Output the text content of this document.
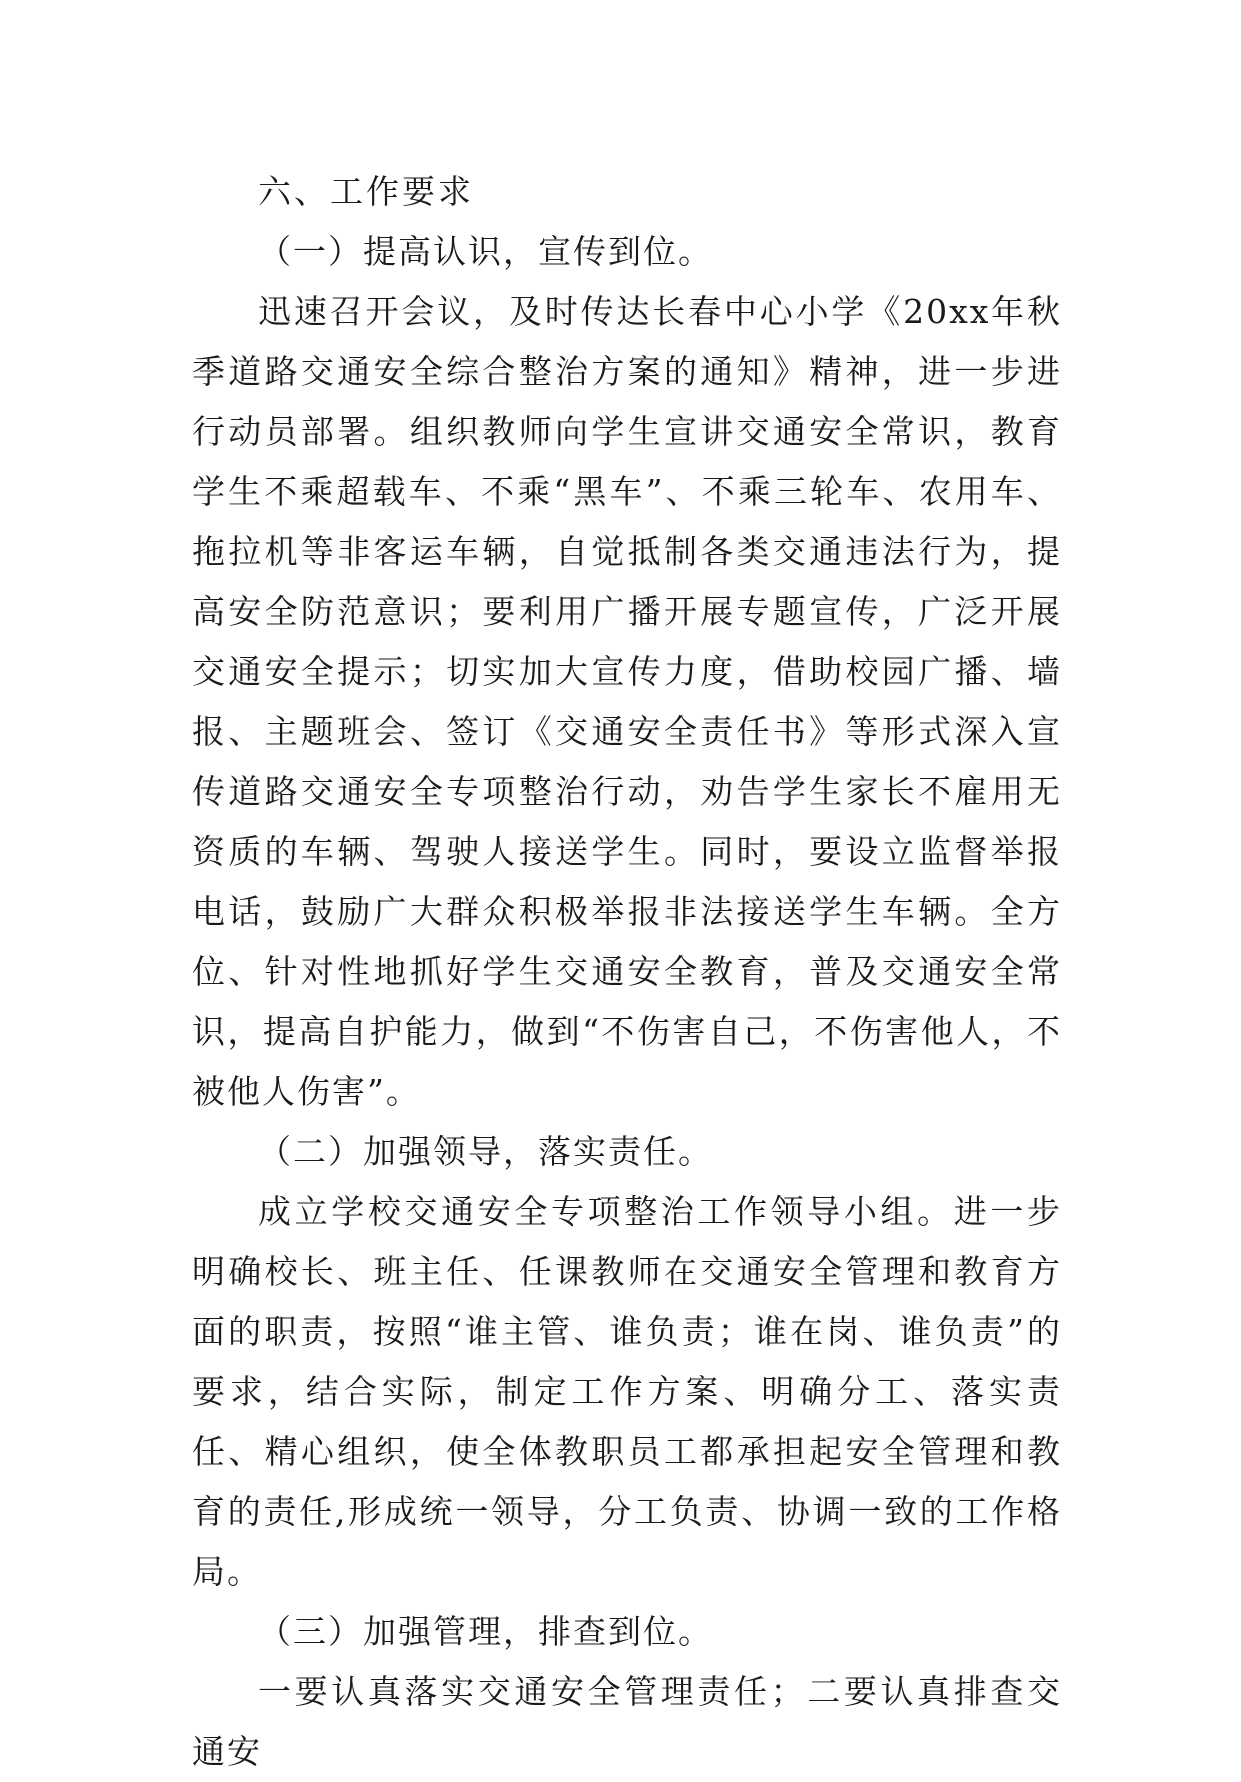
六、工作要求

（一）提高认识，宣传到位。

迅速召开会议，及时传达长春中心小学《20xx年秋季道路交通安全综合整治方案的通知》精神，进一步进行动员部署。组织教师向学生宣讲交通安全常识，教育学生不乘超载车、不乘“黑车”、不乘三轮车、农用车、拖拉机等非客运车辆，自觉抵制各类交通违法行为，提高安全防范意识；要利用广播开展专题宣传，广泛开展交通安全提示；切实加大宣传力度，借助校园广播、墙报、主题班会、签订《交通安全责任书》等形式深入宣传道路交通安全专项整治行动，劝告学生家长不雇用无资质的车辆、驾驶人接送学生。同时，要设立监督举报电话，鼓励广大群众积极举报非法接送学生车辆。全方位、针对性地抓好学生交通安全教育，普及交通安全常识，提高自护能力，做到“不伤害自己，不伤害他人，不被他人伤害”。

（二）加强领导，落实责任。

成立学校交通安全专项整治工作领导小组。进一步明确校长、班主任、任课教师在交通安全管理和教育方面的职责，按照“谁主管、谁负责；谁在岗、谁负责”的要求，结合实际，制定工作方案、明确分工、落实责任、精心组织，使全体教职员工都承担起安全管理和教育的责任,形成统一领导，分工负责、协调一致的工作格局。

（三）加强管理，排查到位。

一要认真落实交通安全管理责任；二要认真排查交通安
